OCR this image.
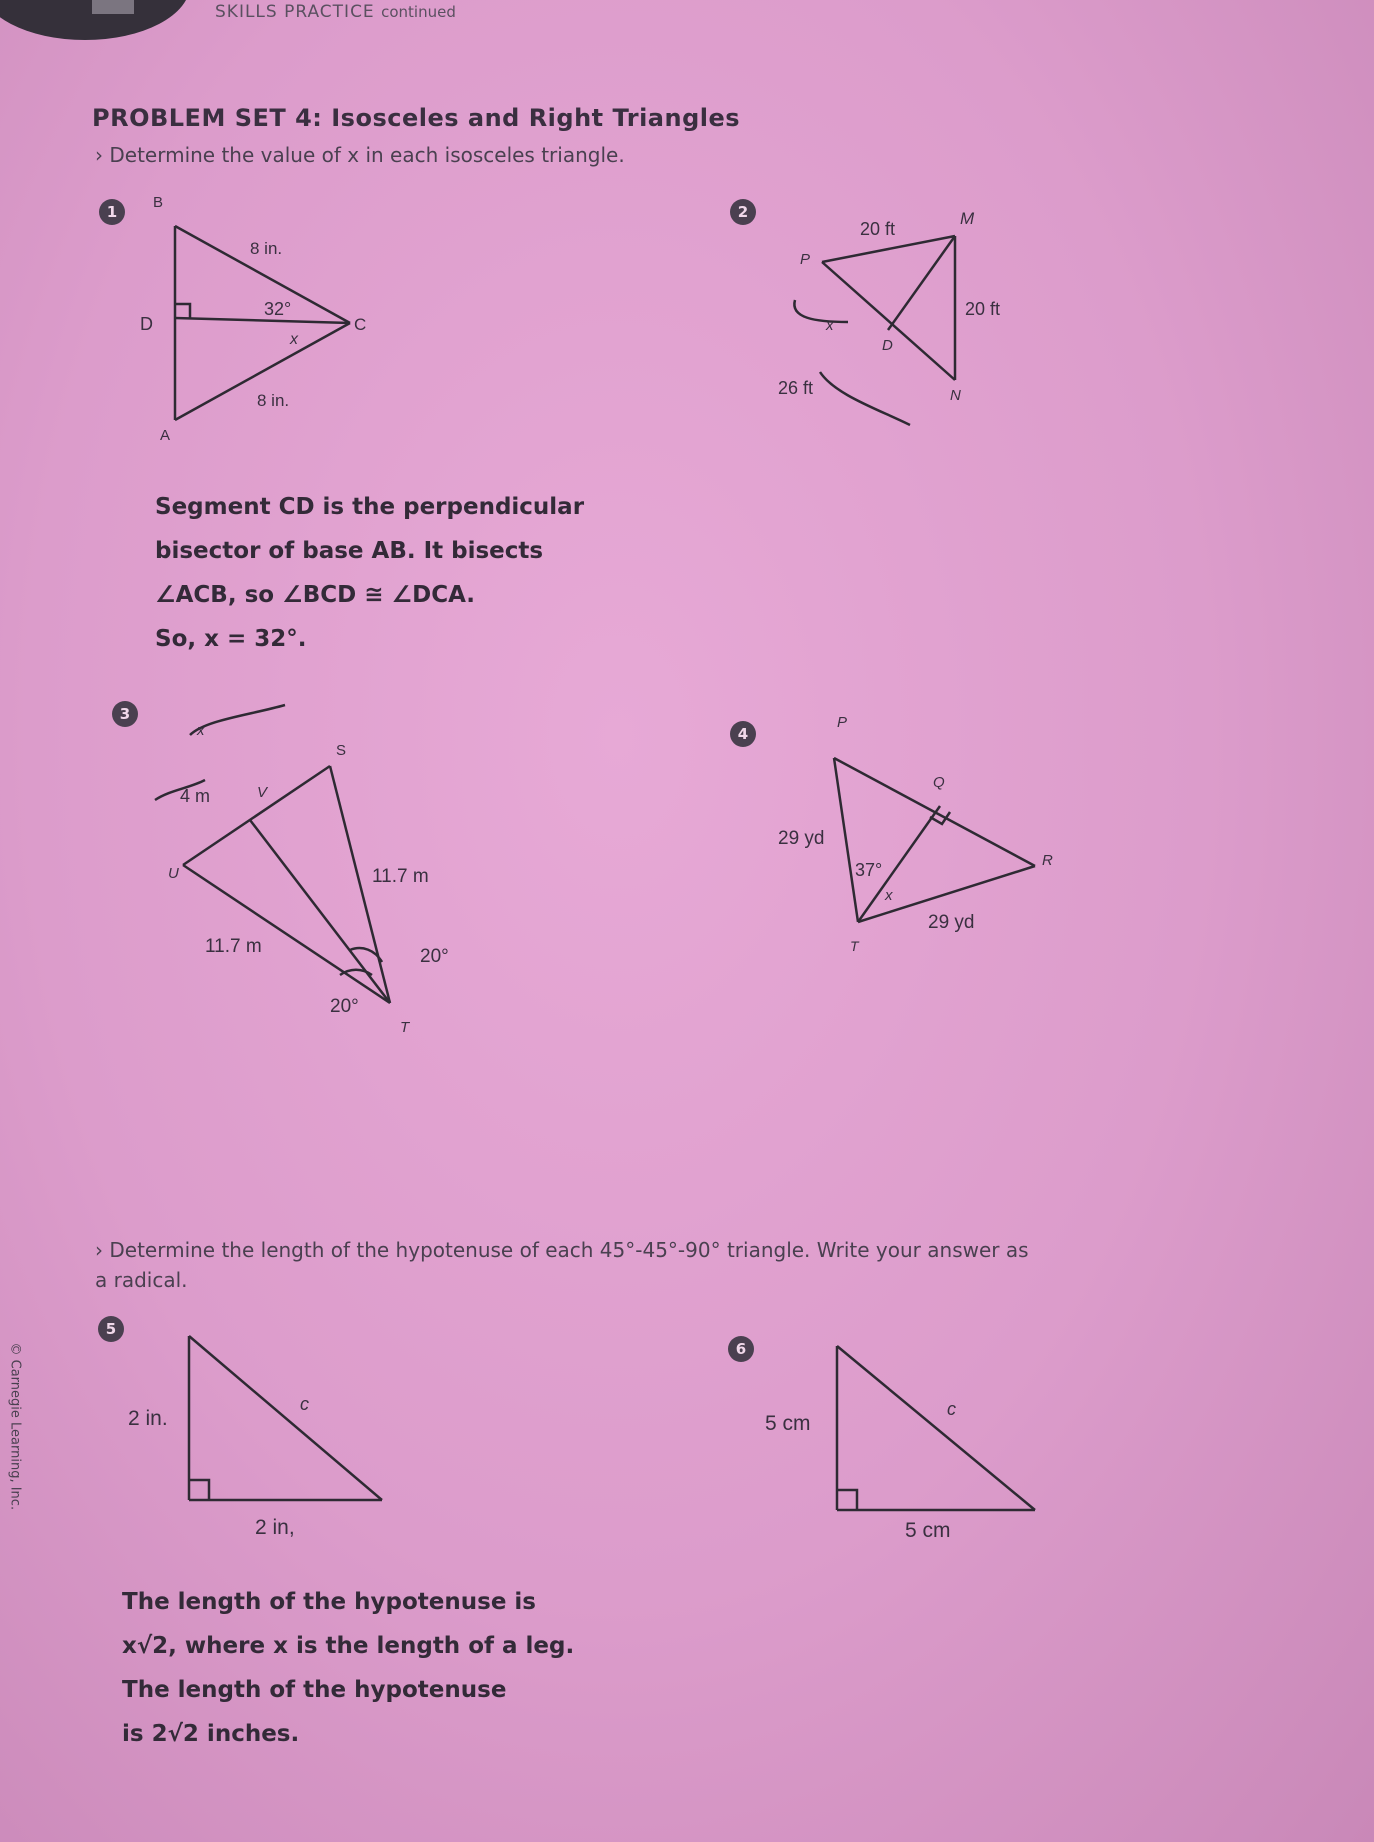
SKILLS PRACTICE continued
PROBLEM SET 4: Isosceles and Right Triangles
› Determine the value of x in each isosceles triangle.
1
B
8 in.
D
32°
x
C
8 in.
A
2
20 ft
M
P
20 ft
x
D
26 ft	N
Segment CD is the perpendicular
bisector of base AB. It bisects
∠ACB, so ∠BCD ≅ ∠DCA.
So, x = 32°.
3
x
S
4 m	V
U	11.7 m
11.7 m	20°
20°
T
4
P
Q
29 yd
37°	R
x
29 yd
T
› Determine the length of the hypotenuse of each 45°-45°-90° triangle. Write your answer as
a radical.
5
2 in.
c
2 in,
6
5 cm
c
5 cm
The length of the hypotenuse is
x√2, where x is the length of a leg.
The length of the hypotenuse
is 2√2 inches.
© Carnegie Learning, Inc.
